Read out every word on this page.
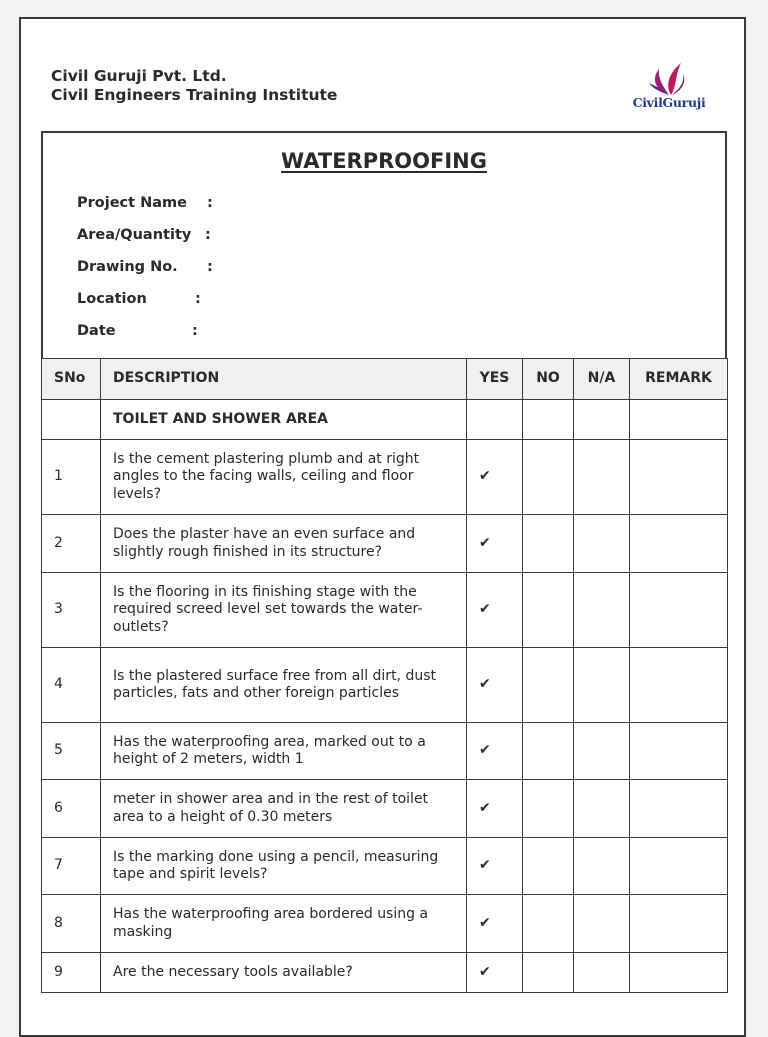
Civil Guruji Pvt. Ltd.
Civil Engineers Training Institute	CivilGuruji
WATERPROOFING
Project Name :
Area/Quantity :
Drawing No. :
Location	:
Date	:
SNo	DESCRIPTION	YES	NO	N/A	REMARK
	TOILET AND SHOWER AREA				
1	Is the cement plastering plumb and at right angles to the facing walls, ceiling and floor levels?	✔			
2	Does the plaster have an even surface and slightly rough finished in its structure?	✔			
3	Is the flooring in its finishing stage with the required screed level set towards the water-outlets?	✔			
4	Is the plastered surface free from all dirt, dust particles, fats and other foreign particles	✔			
5	Has the waterproofing area, marked out to a height of 2 meters, width 1	✔			
6	meter in shower area and in the rest of toilet area to a height of 0.30 meters	✔			
7	Is the marking done using a pencil, measuring tape and spirit levels?	✔			
8	Has the waterproofing area bordered using a masking	✔			
9	Are the necessary tools available?	✔			
